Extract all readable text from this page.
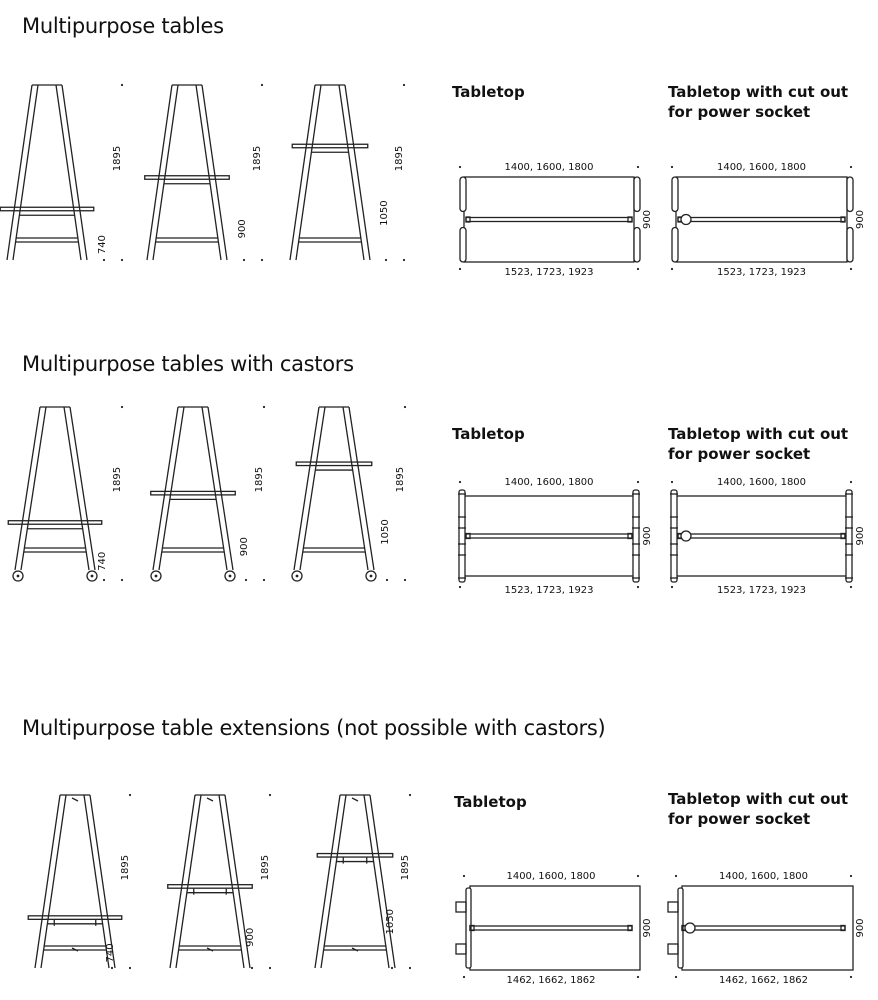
Multipurpose tables
Multipurpose tables with castors
Multipurpose table extensions (not possible with castors)
Tabletop	Tabletop with cut out for power socket
Tabletop	Tabletop with cut out for power socket
Tabletop	Tabletop with cut out for power socket
1895
740
1895
900
1895
1050
1400, 1600, 1800
1523, 1723, 1923
900
1400, 1600, 1800
1523, 1723, 1923
900
1895
740
1895
900
1895
1050
1400, 1600, 1800
1523, 1723, 1923
900
1400, 1600, 1800
1523, 1723, 1923
900
1895
740
1895
900
1895
1050
1400, 1600, 1800
1462, 1662, 1862
900
1400, 1600, 1800
1462, 1662, 1862
900
